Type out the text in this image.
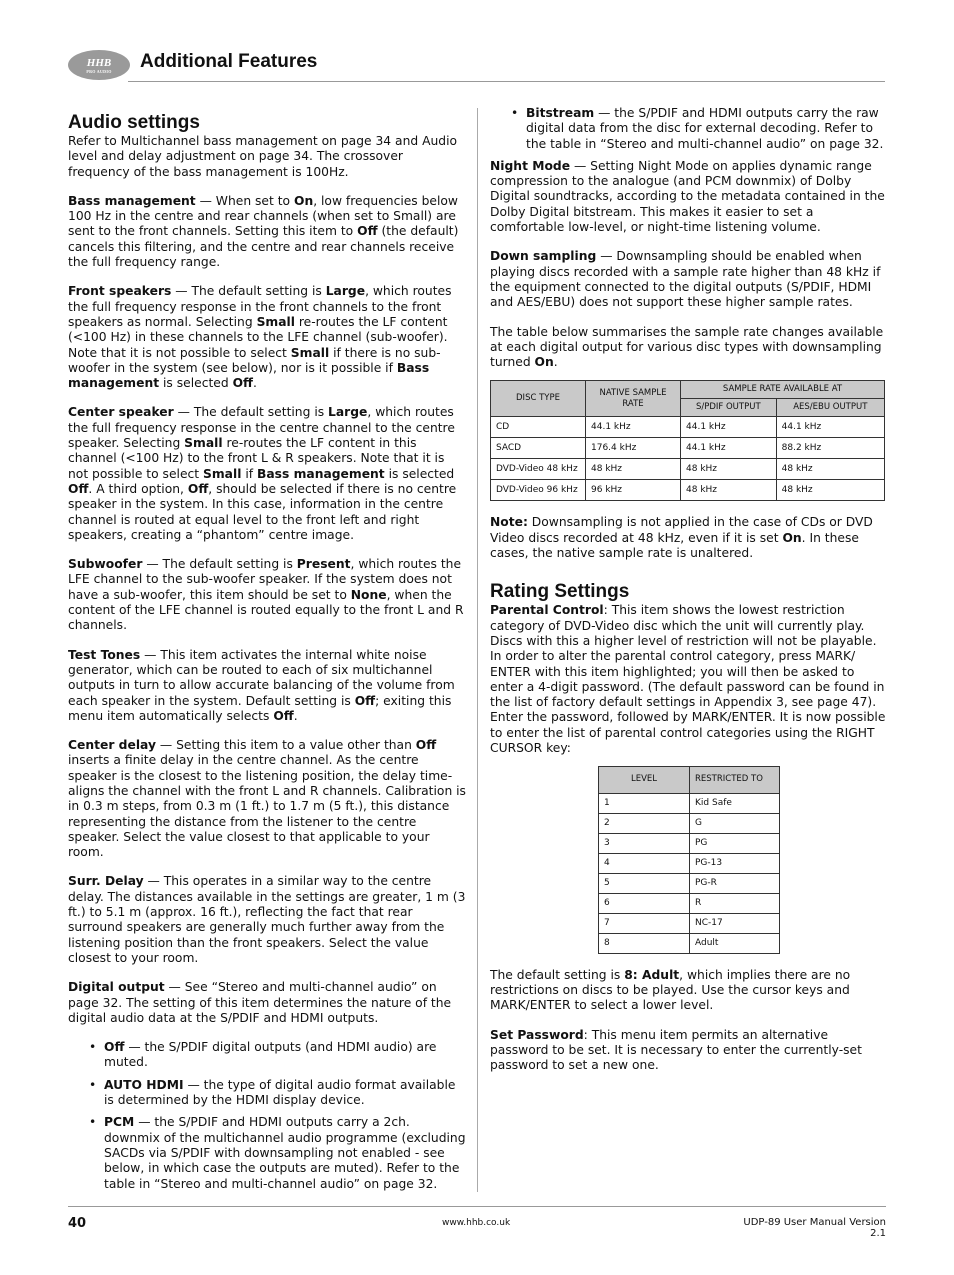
HHB
PRO AUDIO	Additional Features
Audio settings

Refer to Multichannel bass management on page 34 and Audio level and delay adjustment on page 34. The crossover frequency of the bass management is 100Hz.

Bass management — When set to On, low frequencies below 100 Hz in the centre and rear channels (when set to Small) are sent to the front channels. Setting this item to Off (the default) cancels this filtering, and the centre and rear channels receive the full frequency range.

Front speakers — The default setting is Large, which routes the full frequency response in the front channels to the front speakers as normal. Selecting Small re-routes the LF content (<100 Hz) in these channels to the LFE channel (sub-woofer). Note that it is not possible to select Small if there is no sub-woofer in the system (see below), nor is it possible if Bass management is selected Off.

Center speaker — The default setting is Large, which routes the full frequency response in the centre channel to the centre speaker. Selecting Small re-routes the LF content in this channel (<100 Hz) to the front L & R speakers. Note that it is not possible to select Small if Bass management is selected Off. A third option, Off, should be selected if there is no centre speaker in the system. In this case, information in the centre channel is routed at equal level to the front left and right speakers, creating a “phantom” centre image.

Subwoofer — The default setting is Present, which routes the LFE channel to the sub-woofer speaker. If the system does not have a sub-woofer, this item should be set to None, when the content of the LFE channel is routed equally to the front L and R channels.

Test Tones — This item activates the internal white noise generator, which can be routed to each of six multichannel outputs in turn to allow accurate balancing of the volume from each speaker in the system. Default setting is Off; exiting this menu item automatically selects Off.

Center delay — Setting this item to a value other than Off inserts a finite delay in the centre channel. As the centre speaker is the closest to the listening position, the delay time-aligns the channel with the front L and R channels. Calibration is in 0.3 m steps, from 0.3 m (1 ft.) to 1.7 m (5 ft.), this distance representing the distance from the listener to the centre speaker. Select the value closest to that applicable to your room.

Surr. Delay — This operates in a similar way to the centre delay. The distances available in the settings are greater, 1 m (3 ft.) to 5.1 m (approx. 16 ft.), reflecting the fact that rear surround speakers are generally much further away from the listening position than the front speakers. Select the value closest to your room.

Digital output — See “Stereo and multi-channel audio” on page 32. The setting of this item determines the nature of the digital audio data at the S/PDIF and HDMI outputs.

• Off — the S/PDIF digital outputs (and HDMI audio) are muted.
• AUTO HDMI — the type of digital audio format available is determined by the HDMI display device.
• PCM — the S/PDIF and HDMI outputs carry a 2ch. downmix of the multichannel audio programme (excluding SACDs via S/PDIF with downsampling not enabled - see below, in which case the outputs are muted). Refer to the table in “Stereo and multi-channel audio” on page 32.
• Bitstream — the S/PDIF and HDMI outputs carry the raw digital data from the disc for external decoding. Refer to the table in “Stereo and multi-channel audio” on page 32.

Night Mode — Setting Night Mode on applies dynamic range compression to the analogue (and PCM downmix) of Dolby Digital soundtracks, according to the metadata contained in the Dolby Digital bitstream. This makes it easier to set a comfortable low-level, or night-time listening volume.

Down sampling — Downsampling should be enabled when playing discs recorded with a sample rate higher than 48 kHz if the equipment connected to the digital outputs (S/PDIF, HDMI and AES/EBU) does not support these higher sample rates.

The table below summarises the sample rate changes available at each digital output for various disc types with downsampling turned On.

DISC TYPE	NATIVE SAMPLE RATE	SAMPLE RATE AVAILABLE AT	
		S/PDIF OUTPUT	AES/EBU OUTPUT
CD	44.1 kHz	44.1 kHz	44.1 kHz
SACD	176.4 kHz	44.1 kHz	88.2 kHz
DVD-Video 48 kHz	48 kHz	48 kHz	48 kHz
DVD-Video 96 kHz	96 kHz	48 kHz	48 kHz

Note: Downsampling is not applied in the case of CDs or DVD Video discs recorded at 48 kHz, even if it is set On. In these cases, the native sample rate is unaltered.

Rating Settings

Parental Control: This item shows the lowest restriction category of DVD-Video disc which the unit will currently play. Discs with this a higher level of restriction will not be playable. In order to alter the parental control category, press MARK/ ENTER with this item highlighted; you will then be asked to enter a 4-digit password. (The default password can be found in the list of factory default settings in Appendix 3, see page 47). Enter the password, followed by MARK/ENTER. It is now possible to enter the list of parental control categories using the RIGHT CURSOR key:

LEVEL	RESTRICTED TO
1	Kid Safe
2	G
3	PG
4	PG-13
5	PG-R
6	R
7	NC-17
8	Adult

The default setting is 8: Adult, which implies there are no restrictions on discs to be played. Use the cursor keys and MARK/ENTER to select a lower level.

Set Password: This menu item permits an alternative password to be set. It is necessary to enter the currently-set password to set a new one.

40	www.hhb.co.uk	UDP-89 User Manual Version 2.1
